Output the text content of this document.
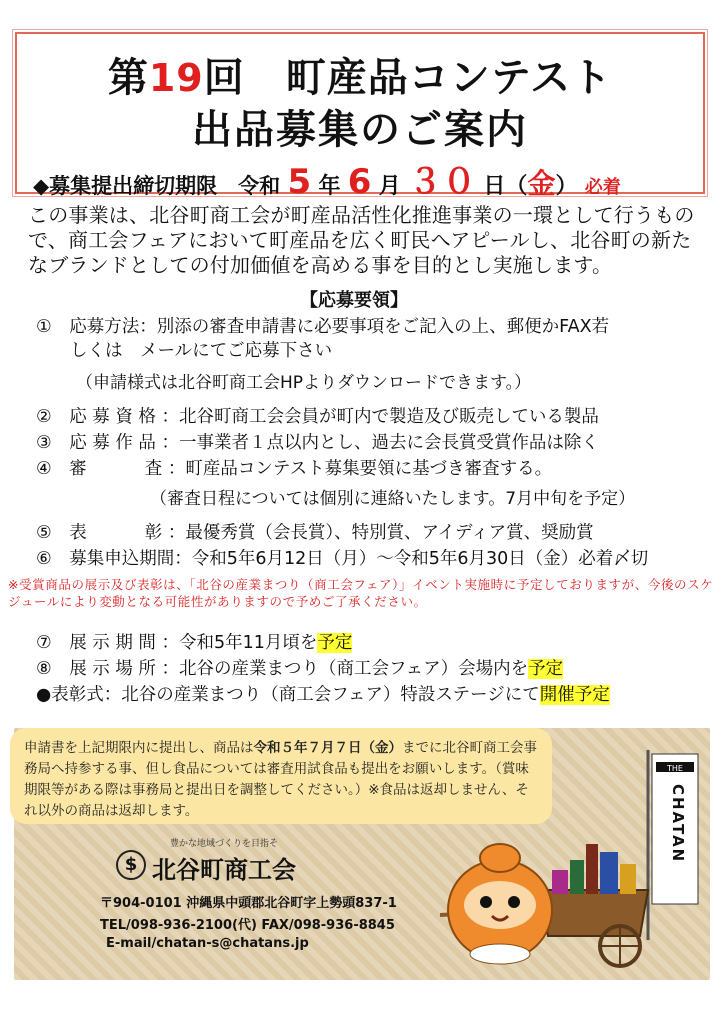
第19回　町産品コンテスト
出品募集のご案内
◆募集提出締切期限　令和 5 年 6 月 ３０ 日（金） 必着
この事業は、北谷町商工会が町産品活性化推進事業の一環として行うもので、商工会フェアにおいて町産品を広く町民へアピールし、北谷町の新たなブランドとしての付加価値を高める事を目的とし実施します。
【応募要領】
①　応募方法：別添の審査申請書に必要事項をご記入の上、郵便かFAX若
しくは　メールにてご応募下さい
（申請様式は北谷町商工会HPよりダウンロードできます。）
②　応 募 資 格 ：北谷町商工会会員が町内で製造及び販売している製品
③　応 募 作 品 ：一事業者１点以内とし、過去に会長賞受賞作品は除く
④　審　　　 査 ：町産品コンテスト募集要領に基づき審査する。
（審査日程については個別に連絡いたします。7月中旬を予定）
⑤　表　　　 彰 ：最優秀賞（会長賞）、特別賞、アイディア賞、奨励賞
⑥　募集申込期間：令和5年6月12日（月）～令和5年6月30日（金）必着〆切
※受賞商品の展示及び表彰は、「北谷の産業まつり（商工会フェア）」イベント実施時に予定しておりますが、今後のスケジュールにより変動となる可能性がありますので予めご了承ください。
⑦　展 示 期 間 ：令和5年11月頃を予定
⑧　展 示 場 所 ：北谷の産業まつり（商工会フェア）会場内を予定
●表彰式：北谷の産業まつり（商工会フェア）特設ステージにて開催予定
申請書を上記期限内に提出し、商品は令和５年７月７日（金）までに北谷町商工会事務局へ持参する事、但し食品については審査用試食品も提出をお願いします。（賞味期限等がある際は事務局と提出日を調整してください。）※食品は返却しません、それ以外の商品は返却します。
豊かな地域づくりを目指そ
$ 北谷町商工会
〒904-0101 沖縄県中頭郡北谷町字上勢頭837-1
TEL/098-936-2100(代) FAX/098-936-8845
E-mail/chatan-s@chatans.jp
THE
CHATAN
